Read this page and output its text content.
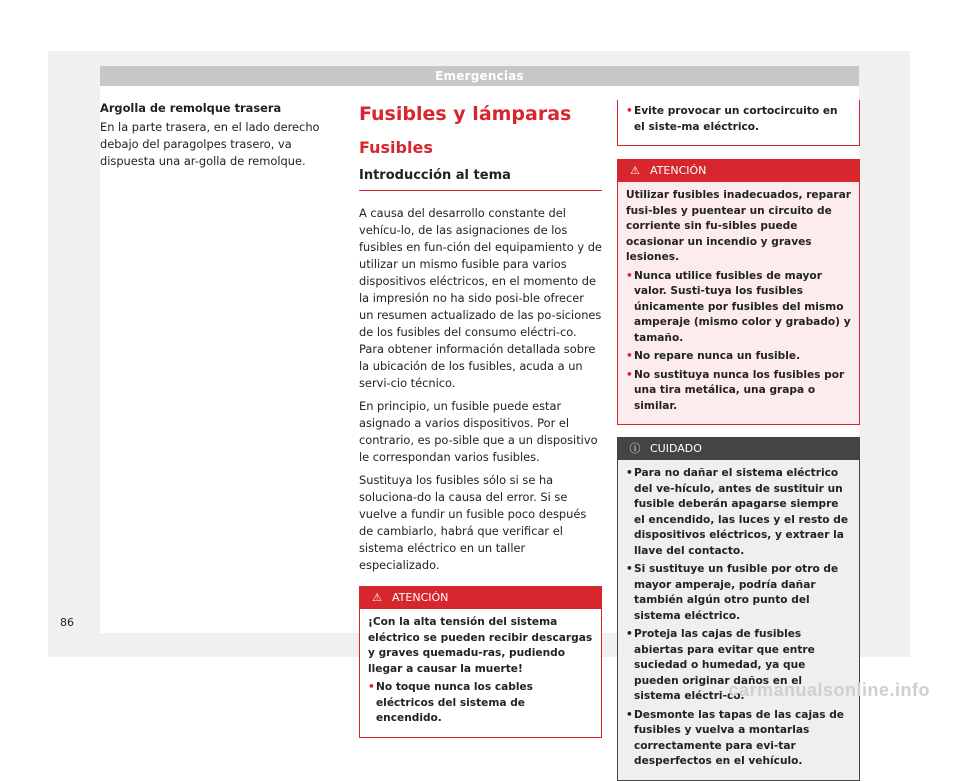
Emergencias
Argolla de remolque trasera

En la parte trasera, en el lado derecho debajo del paragolpes trasero, va dispuesta una ar-golla de remolque.

Fusibles y lámparas
Fusibles
Introducción al tema

A causa del desarrollo constante del vehícu-lo, de las asignaciones de los fusibles en fun-ción del equipamiento y de utilizar un mismo fusible para varios dispositivos eléctricos, en el momento de la impresión no ha sido posi-ble ofrecer un resumen actualizado de las po-siciones de los fusibles del consumo eléctri-co. Para obtener información detallada sobre la ubicación de los fusibles, acuda a un servi-cio técnico.

En principio, un fusible puede estar asignado a varios dispositivos. Por el contrario, es po-sible que a un dispositivo le correspondan varios fusibles.

Sustituya los fusibles sólo si se ha soluciona-do la causa del error. Si se vuelve a fundir un fusible poco después de cambiarlo, habrá que verificar el sistema eléctrico en un taller especializado.

⚠ ATENCIÓN

¡Con la alta tensión del sistema eléctrico se pueden recibir descargas y graves quemadu-ras, pudiendo llegar a causar la muerte!

• No toque nunca los cables eléctricos del sistema de encendido.
• Evite provocar un cortocircuito en el siste-ma eléctrico.
⚠ ATENCIÓN

Utilizar fusibles inadecuados, reparar fusi-bles y puentear un circuito de corriente sin fu-sibles puede ocasionar un incendio y graves lesiones.

• Nunca utilice fusibles de mayor valor. Susti-tuya los fusibles únicamente por fusibles del mismo amperaje (mismo color y grabado) y tamaño.
• No repare nunca un fusible.
• No sustituya nunca los fusibles por una tira metálica, una grapa o similar.
ⓘ CUIDADO
• Para no dañar el sistema eléctrico del ve-hículo, antes de sustituir un fusible deberán apagarse siempre el encendido, las luces y el resto de dispositivos eléctricos, y extraer la llave del contacto.
• Si sustituye un fusible por otro de mayor amperaje, podría dañar también algún otro punto del sistema eléctrico.
• Proteja las cajas de fusibles abiertas para evitar que entre suciedad o humedad, ya que pueden originar daños en el sistema eléctri-co.
• Desmonte las tapas de las cajas de fusibles y vuelva a montarlas correctamente para evi-tar desperfectos en el vehículo.
86
carmanualsonline.info
